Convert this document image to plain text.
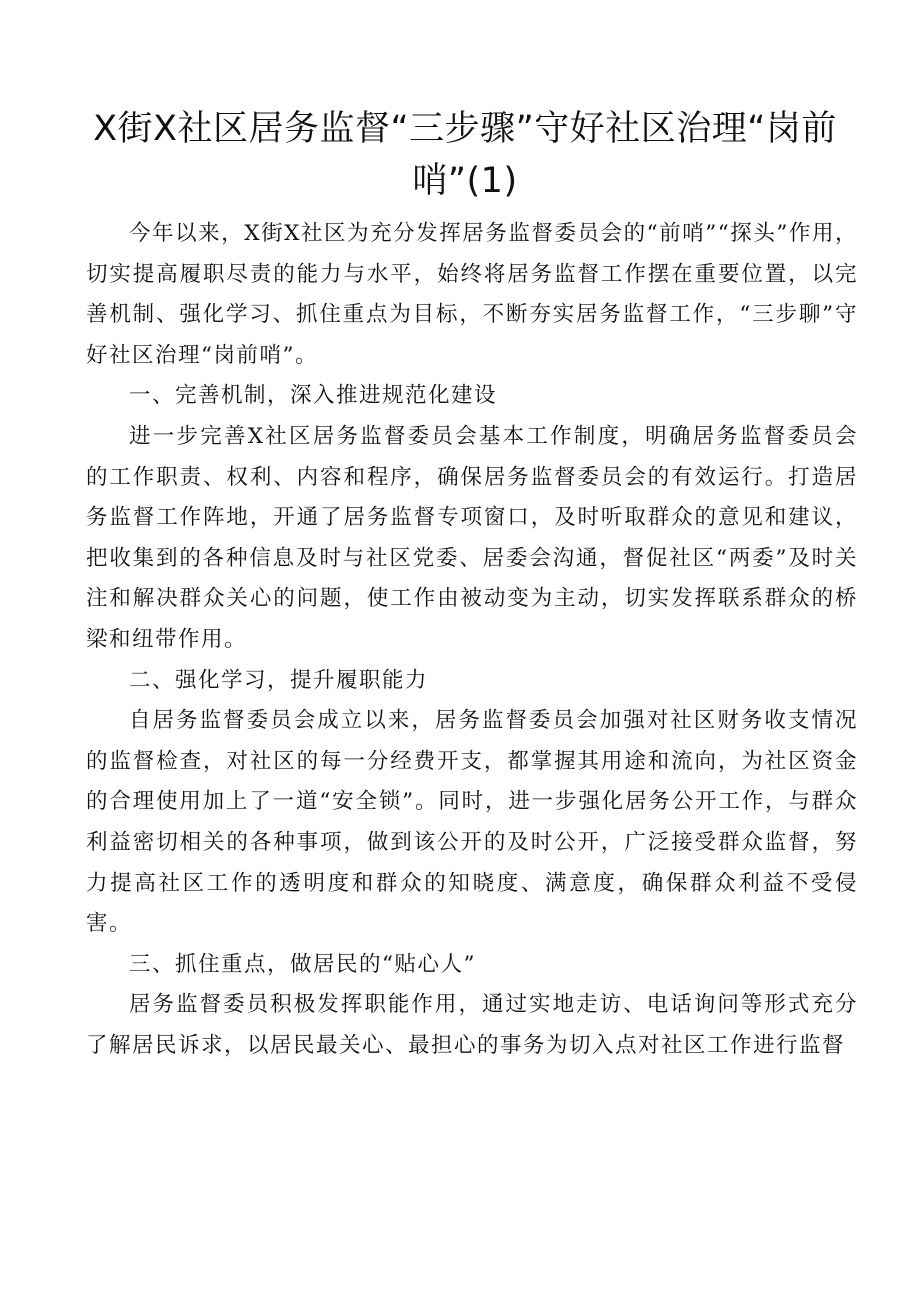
X街X社区居务监督“三步骤”守好社区治理“岗前哨”(1)

今年以来，X街X社区为充分发挥居务监督委员会的“前哨”“探头”作用，切实提高履职尽责的能力与水平，始终将居务监督工作摆在重要位置，以完善机制、强化学习、抓住重点为目标，不断夯实居务监督工作，“三步聊”守好社区治理“岗前哨”。

一、完善机制，深入推进规范化建设

进一步完善X社区居务监督委员会基本工作制度，明确居务监督委员会的工作职责、权利、内容和程序，确保居务监督委员会的有效运行。打造居务监督工作阵地，开通了居务监督专项窗口，及时听取群众的意见和建议，把收集到的各种信息及时与社区党委、居委会沟通，督促社区“两委”及时关注和解决群众关心的问题，使工作由被动变为主动，切实发挥联系群众的桥梁和纽带作用。

二、强化学习，提升履职能力

自居务监督委员会成立以来，居务监督委员会加强对社区财务收支情况的监督检查，对社区的每一分经费开支，都掌握其用途和流向，为社区资金的合理使用加上了一道“安全锁”。同时，进一步强化居务公开工作，与群众利益密切相关的各种事项，做到该公开的及时公开，广泛接受群众监督，努力提高社区工作的透明度和群众的知晓度、满意度，确保群众利益不受侵害。

三、抓住重点，做居民的“贴心人”

居务监督委员积极发挥职能作用，通过实地走访、电话询问等形式充分了解居民诉求，以居民最关心、最担心的事务为切入点对社区工作进行监督
